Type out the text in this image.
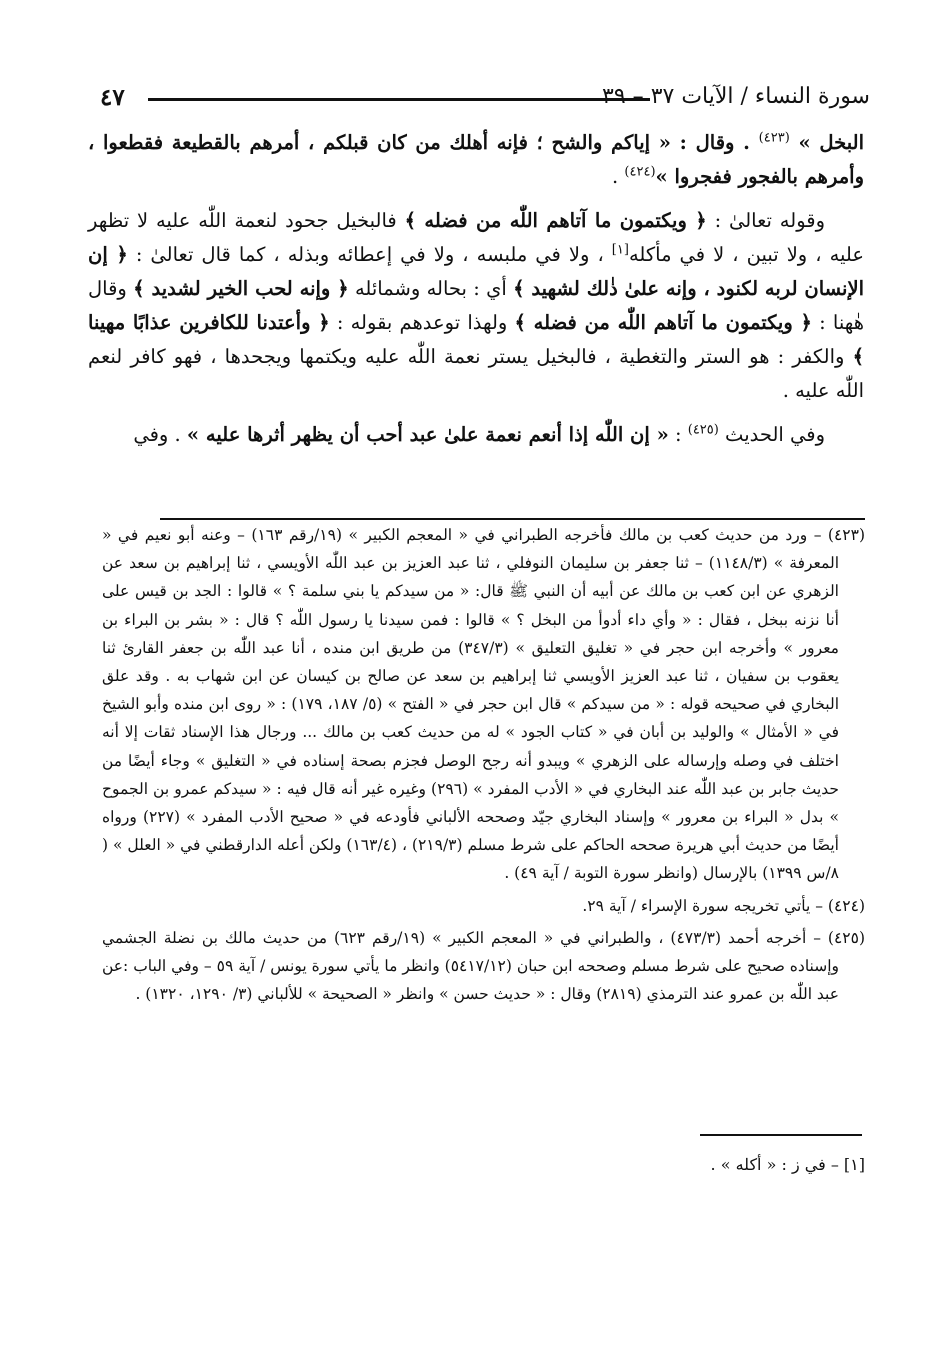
٤٧	سورة النساء / الآيات ٣٧ – ٣٩

البخل » $^{(٤٢٣)}$ . وقال : « إياكم والشح ؛ فإنه أهلك من كان قبلكم ، أمرهم بالقطيعة فقطعوا ، وأمرهم بالفجور ففجروا »$^{(٤٢٤)}$ .

  وقوله تعالىٰ : ﴿ ويكتمون ما آتاهم اللّٰه من فضله ﴾ فالبخيل جحود لنعمة اللّٰه عليه لا تظهر عليه ، ولا تبين ، لا في مأكله[١] ، ولا في ملبسه ، ولا في إعطائه وبذله ، كما قال تعالىٰ : ﴿ إن الإنسان لربه لكنود ، وإنه علىٰ ذٰلك لشهيد ﴾ أي : بحاله وشمائله ﴿ وإنه لحب الخير لشديد ﴾ وقال هٰهنا : ﴿ ويكتمون ما آتاهم اللّٰه من فضله ﴾ ولهذا توعدهم بقوله : ﴿ وأعتدنا للكافرين عذابًا مهينا ﴾ والكفر : هو الستر والتغطية ، فالبخيل يستر نعمة اللّٰه عليه ويكتمها ويجحدها ، فهو كافر لنعم اللّٰه عليه .

  وفي الحديث $^{(٤٢٥)}$ : « إن اللّٰه إذا أنعم نعمة علىٰ عبد أحب أن يظهر أثرها عليه » . وفي

(٤٢٣) – ورد من حديث كعب بن مالك فأخرجه الطبراني في « المعجم الكبير » (١٩/رقم ١٦٣) – وعنه أبو نعيم في « المعرفة » (١١٤٨/٣) – ثنا جعفر بن سليمان النوفلي ، ثنا عبد العزيز بن عبد اللّٰه الأويسي ، ثنا إبراهيم بن سعد عن الزهري عن ابن كعب بن مالك عن أبيه أن النبي ﷺ قال: « من سيدكم يا بني سلمة ؟ » قالوا : الجد بن قيس على أنا نزنه ببخل ، فقال : « وأي داء أدوأ من البخل ؟ » قالوا : فمن سيدنا يا رسول اللّٰه ؟ قال : « بشر بن البراء بن معرور » وأخرجه ابن حجر في « تغليق التعليق » (٣٤٧/٣) من طريق ابن منده ، أنا عبد اللّٰه بن جعفر القارئ ثنا يعقوب بن سفيان ، ثنا عبد العزيز الأويسي ثنا إبراهيم بن سعد عن صالح بن كيسان عن ابن شهاب به . وقد علق البخاري في صحيحه قوله : « من سيدكم » قال ابن حجر في « الفتح » (٥/ ١٨٧، ١٧٩) : « روى ابن منده وأبو الشيخ في « الأمثال » والوليد بن أبان في « كتاب الجود » له من حديث كعب بن مالك ... ورجال هذا الإسناد ثقات إلا أنه اختلف في وصله وإرساله على الزهري » ويبدو أنه رجح الوصل فجزم بصحة إسناده في « التغليق » وجاء أيضًا من حديث جابر بن عبد اللّٰه عند البخاري في « الأدب المفرد » (٢٩٦) وغيره غير أنه قال فيه : « سيدكم عمرو بن الجموح » بدل « البراء بن معرور » وإسناد البخاري جيّد وصححه الألباني فأودعه في « صحيح الأدب المفرد » (٢٢٧) ورواه أيضًا من حديث أبي هريرة صححه الحاكم على شرط مسلم (٢١٩/٣) ، (١٦٣/٤) ولكن أعله الدارقطني في « العلل » ( ٨/س ١٣٩٩) بالإرسال (وانظر سورة التوبة / آية ٤٩) .

(٤٢٤) – يأتي تخريجه سورة الإسراء / آية ٢٩.

(٤٢٥) – أخرجه أحمد (٤٧٣/٣) ، والطبراني في « المعجم الكبير » (١٩/رقم ٦٢٣) من حديث مالك بن نضلة الجشمي وإسناده صحيح على شرط مسلم وصححه ابن حبان (٥٤١٧/١٢) وانظر ما يأتي سورة يونس / آية ٥٩ – وفي الباب :عن عبد اللّٰه بن عمرو عند الترمذي (٢٨١٩) وقال : « حديث حسن » وانظر « الصحيحة » للألباني (٣/ ١٢٩٠، ١٣٢٠) .

[١] – في ز : « أكله » .
